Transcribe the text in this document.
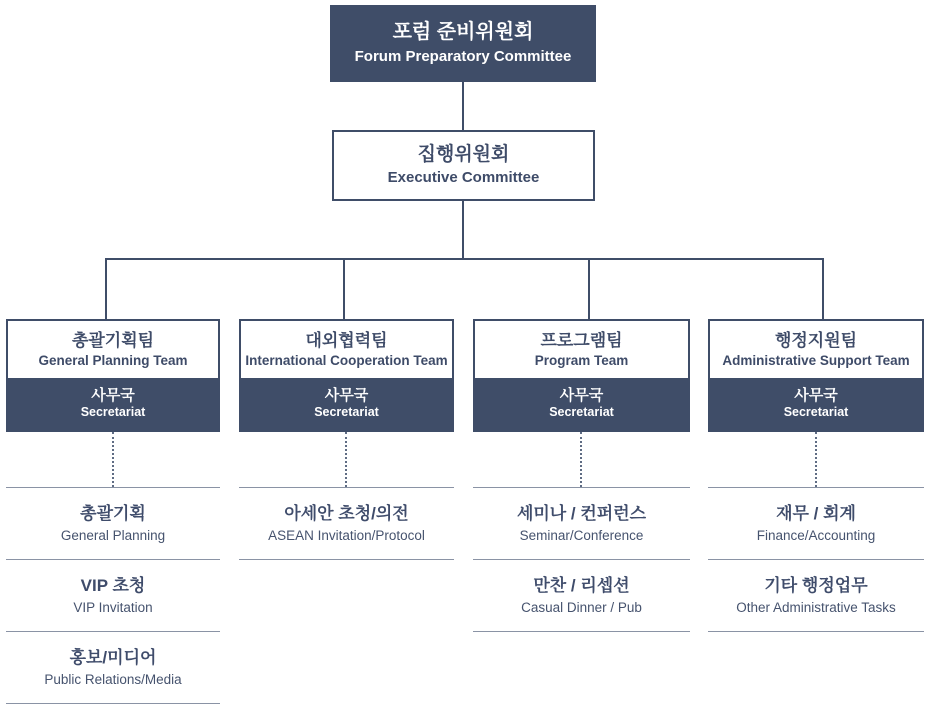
포럼 준비위원회
Forum Preparatory Committee
집행위원회
Executive Committee
총괄기획팀
General Planning Team
사무국
Secretariat
대외협력팀
International Cooperation Team
사무국
Secretariat
프로그램팀
Program Team
사무국
Secretariat
행정지원팀
Administrative Support Team
사무국
Secretariat
총괄기획
General Planning
VIP 초청
VIP Invitation
홍보/미디어
Public Relations/Media
아세안 초청/의전
ASEAN Invitation/Protocol
세미나 / 컨퍼런스
Seminar/Conference
만찬 / 리셉션
Casual Dinner / Pub
재무 / 회계
Finance/Accounting
기타 행정업무
Other Administrative Tasks
